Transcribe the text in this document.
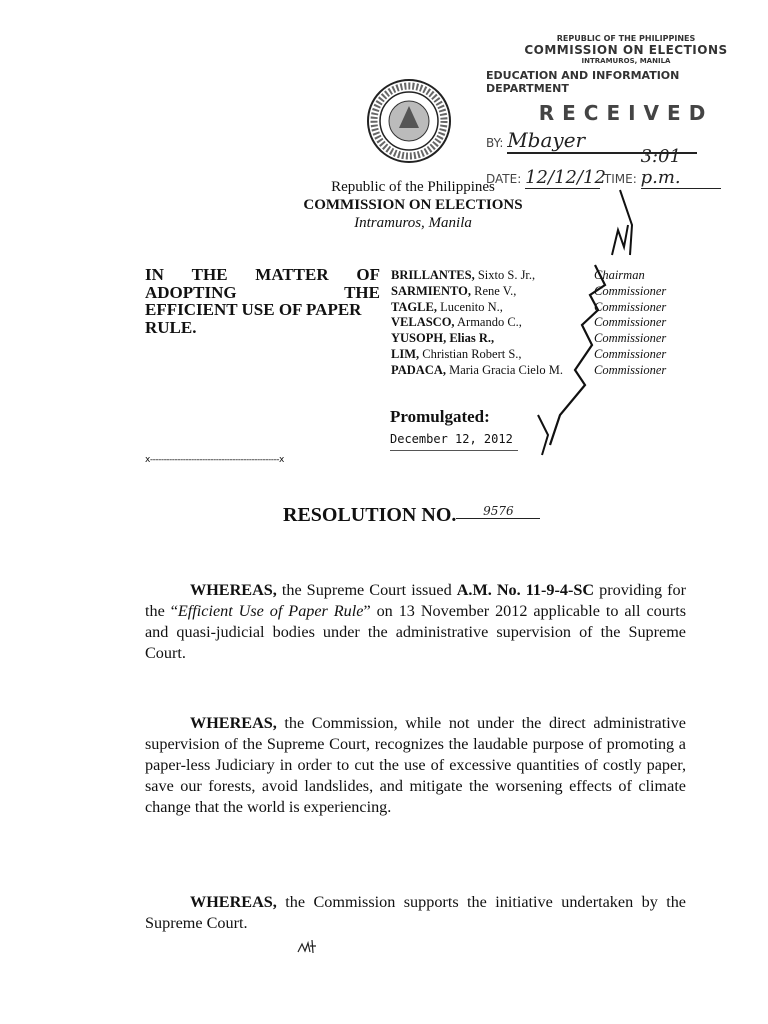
REPUBLIC OF THE PHILIPPINES
COMMISSION ON ELECTIONS
INTRAMUROS, MANILA
EDUCATION AND INFORMATION DEPARTMENT
RECEIVED
BY: Mbayer
DATE: 12/12/12 TIME: 3:01 p.m.
Republic of the Philippines
COMMISSION ON ELECTIONS
Intramuros, Manila
IN THE MATTER OF
ADOPTING	THE
EFFICIENT USE OF PAPER
RULE.
BRILLANTES, Sixto S. Jr.,
SARMIENTO, Rene V.,
TAGLE, Lucenito N.,
VELASCO, Armando C.,
YUSOPH, Elias R.,
LIM, Christian Robert S.,
PADACA, Maria Gracia Cielo M.
Chairman
Commissioner
Commissioner
Commissioner
Commissioner
Commissioner
Commissioner
Promulgated:
December 12, 2012
x-----------------------------------------------x
RESOLUTION NO. 9576
WHEREAS, the Supreme Court issued A.M. No. 11-9-4-SC providing for the “Efficient Use of Paper Rule” on 13 November 2012 applicable to all courts and quasi-judicial bodies under the administrative supervision of the Supreme Court.
WHEREAS, the Commission, while not under the direct administrative supervision of the Supreme Court, recognizes the laudable purpose of promoting a paper-less Judiciary in order to cut the use of excessive quantities of costly paper, save our forests, avoid landslides, and mitigate the worsening effects of climate change that the world is experiencing.
WHEREAS, the Commission supports the initiative undertaken by the Supreme Court.
